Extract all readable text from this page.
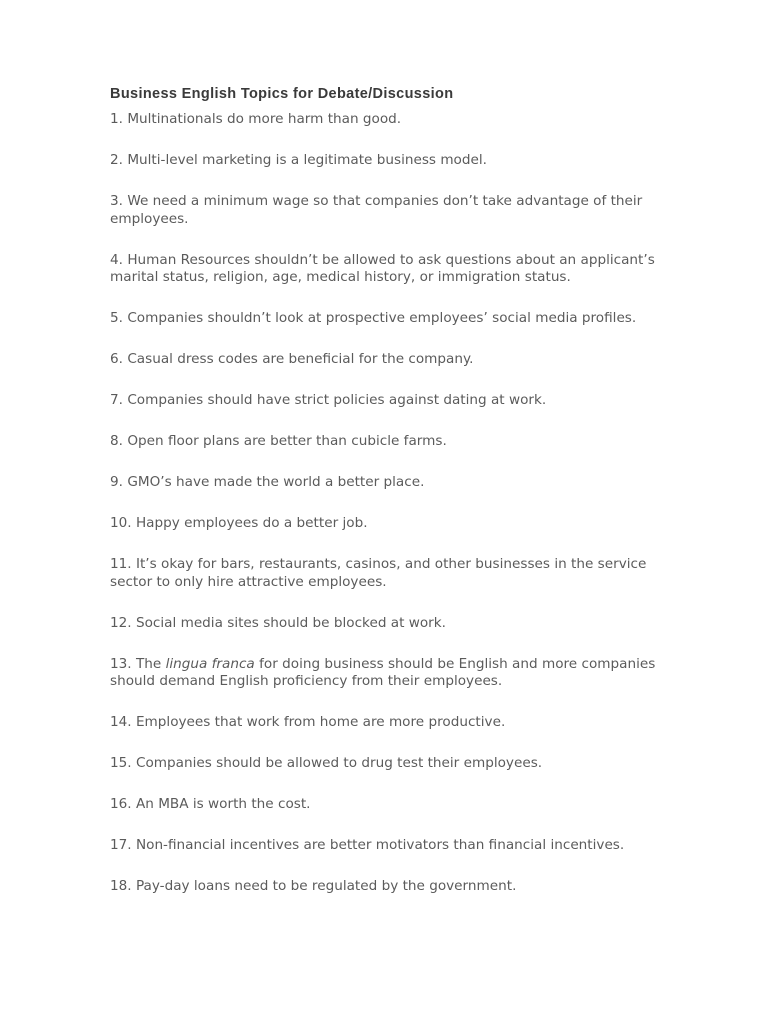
Business English Topics for Debate/Discussion
1. Multinationals do more harm than good.
2. Multi-level marketing is a legitimate business model.
3. We need a minimum wage so that companies don’t take advantage of their employees.
4. Human Resources shouldn’t be allowed to ask questions about an applicant’s marital status, religion, age, medical history, or immigration status.
5. Companies shouldn’t look at prospective employees’ social media profiles.
6. Casual dress codes are beneficial for the company.
7. Companies should have strict policies against dating at work.
8. Open floor plans are better than cubicle farms.
9. GMO’s have made the world a better place.
10. Happy employees do a better job.
11. It’s okay for bars, restaurants, casinos, and other businesses in the service sector to only hire attractive employees.
12. Social media sites should be blocked at work.
13. The lingua franca for doing business should be English and more companies should demand English proficiency from their employees.
14. Employees that work from home are more productive.
15. Companies should be allowed to drug test their employees.
16. An MBA is worth the cost.
17. Non-financial incentives are better motivators than financial incentives.
18. Pay-day loans need to be regulated by the government.
